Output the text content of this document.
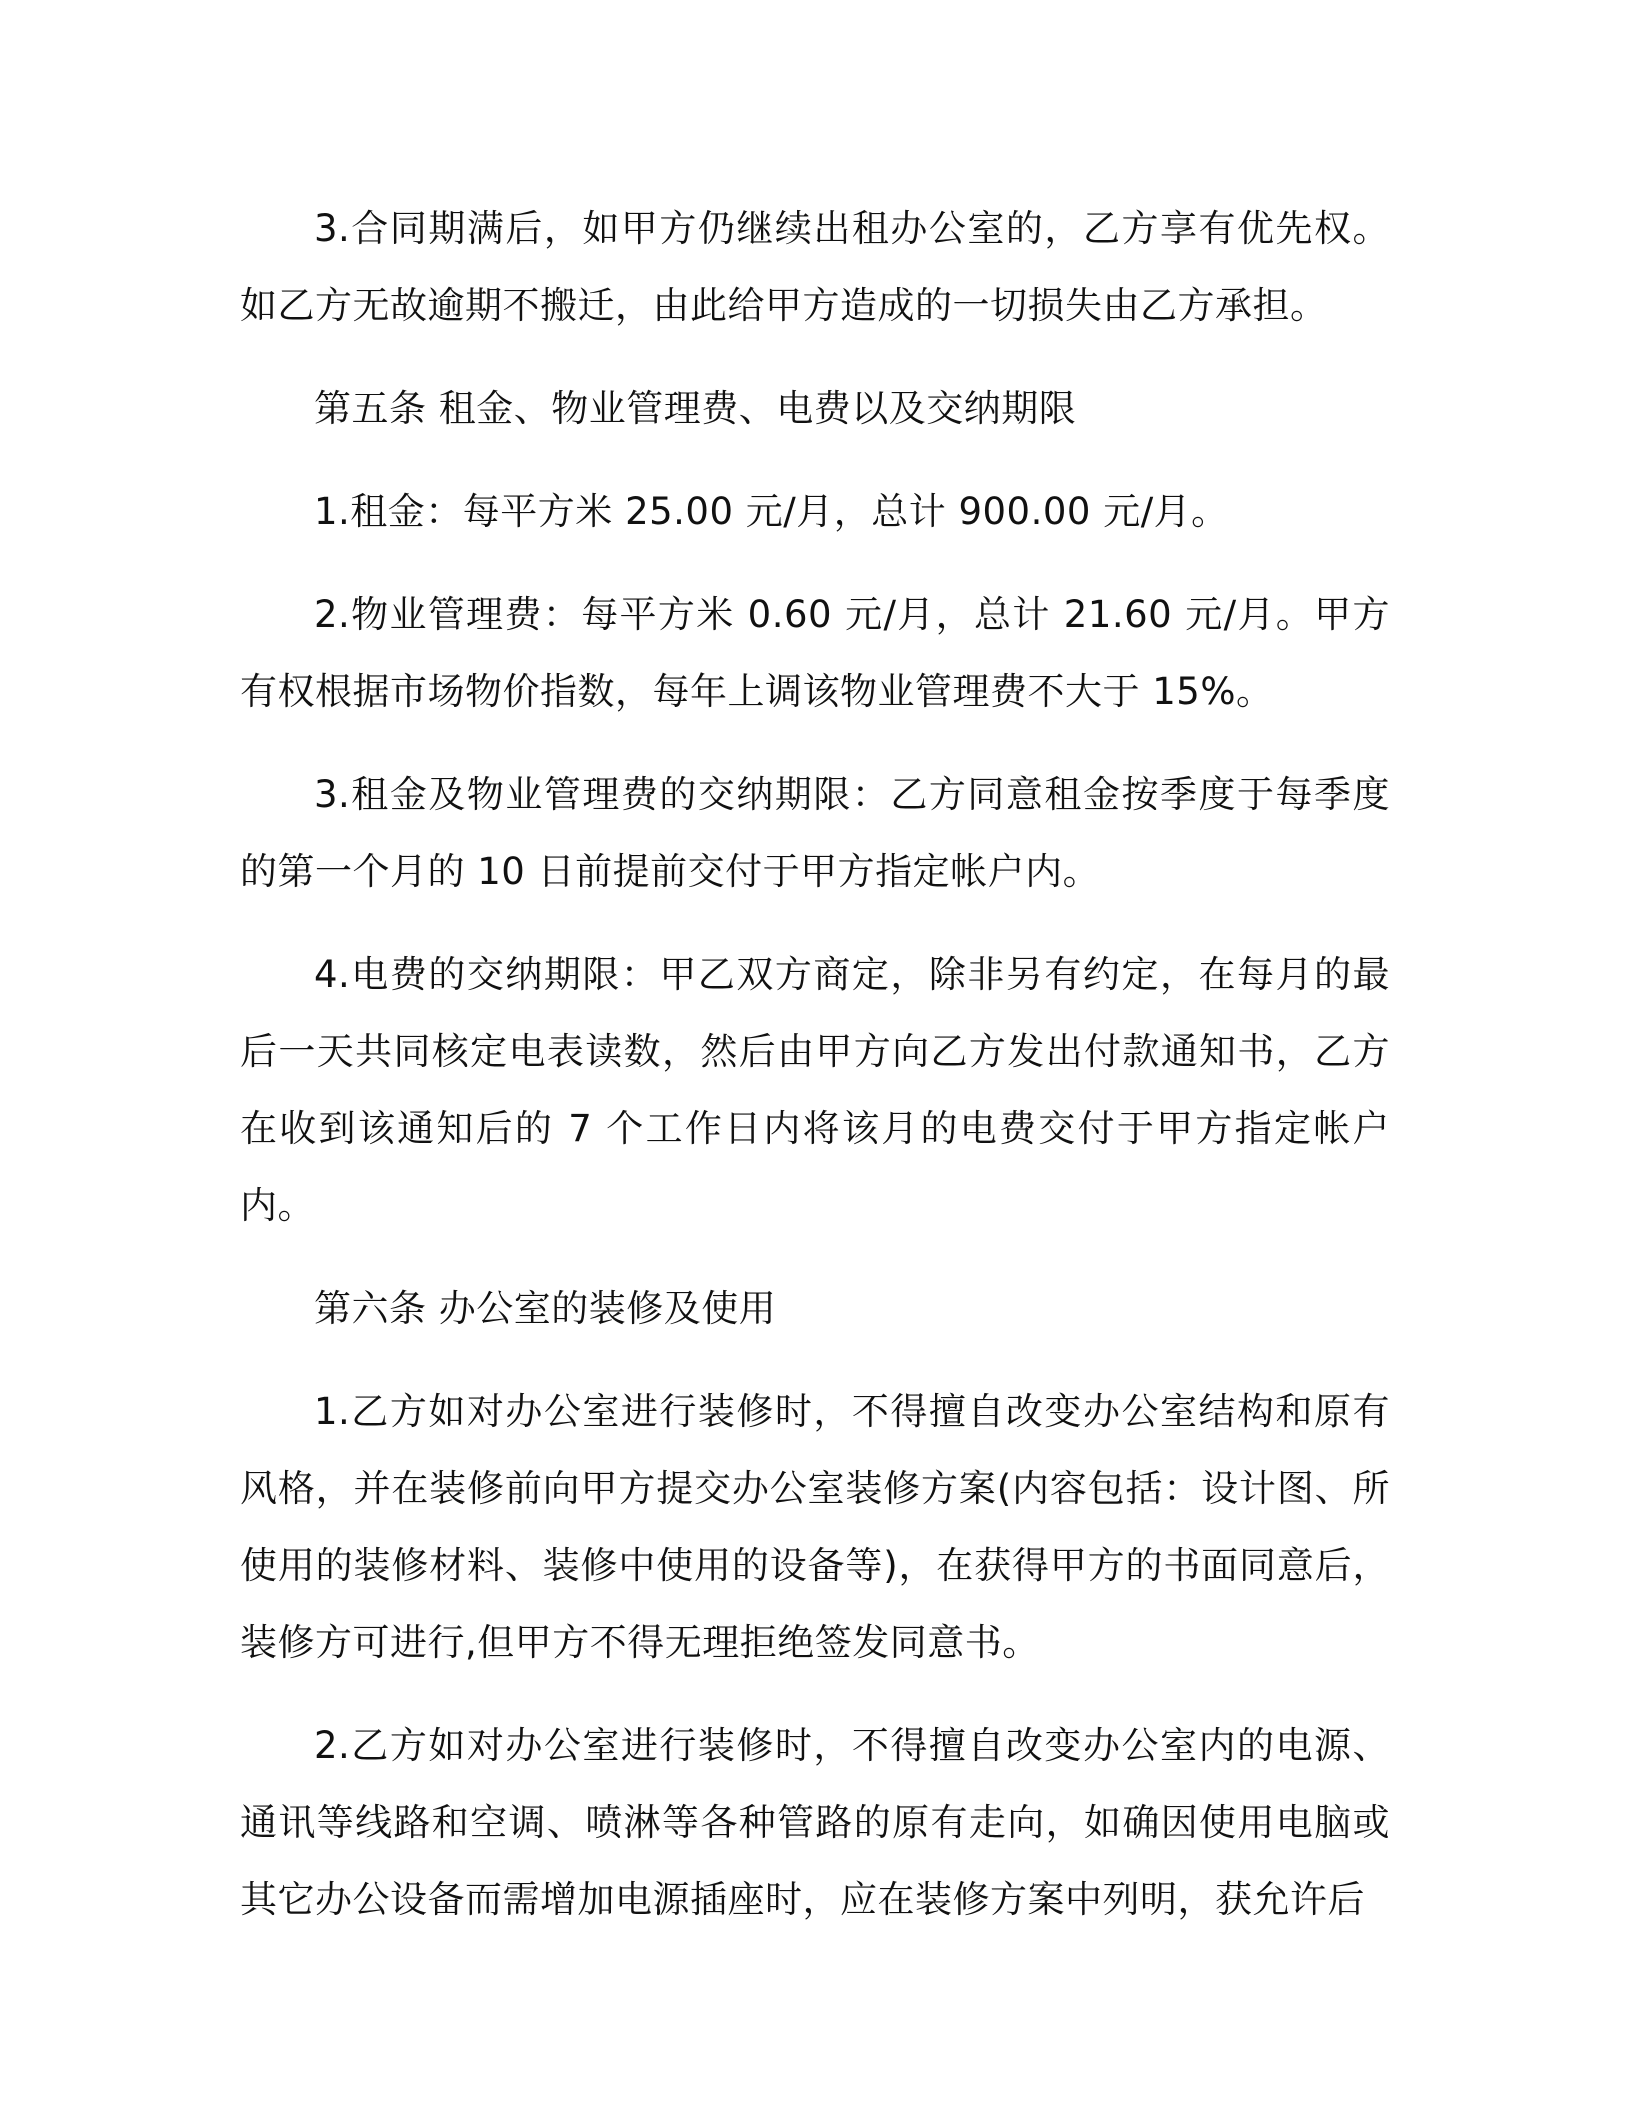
3.合同期满后，如甲方仍继续出租办公室的，乙方享有优先权。如乙方无故逾期不搬迁，由此给甲方造成的一切损失由乙方承担。

第五条 租金、物业管理费、电费以及交纳期限

1.租金：每平方米 25.00 元/月，总计 900.00 元/月。

2.物业管理费：每平方米 0.60 元/月，总计 21.60 元/月。甲方有权根据市场物价指数，每年上调该物业管理费不大于 15%。

3.租金及物业管理费的交纳期限：乙方同意租金按季度于每季度的第一个月的 10 日前提前交付于甲方指定帐户内。

4.电费的交纳期限：甲乙双方商定，除非另有约定，在每月的最后一天共同核定电表读数，然后由甲方向乙方发出付款通知书，乙方在收到该通知后的 7 个工作日内将该月的电费交付于甲方指定帐户内。

第六条 办公室的装修及使用

1.乙方如对办公室进行装修时，不得擅自改变办公室结构和原有风格，并在装修前向甲方提交办公室装修方案(内容包括：设计图、所使用的装修材料、装修中使用的设备等)，在获得甲方的书面同意后，装修方可进行,但甲方不得无理拒绝签发同意书。

2.乙方如对办公室进行装修时，不得擅自改变办公室内的电源、通讯等线路和空调、喷淋等各种管路的原有走向，如确因使用电脑或其它办公设备而需增加电源插座时，应在装修方案中列明，获允许后
